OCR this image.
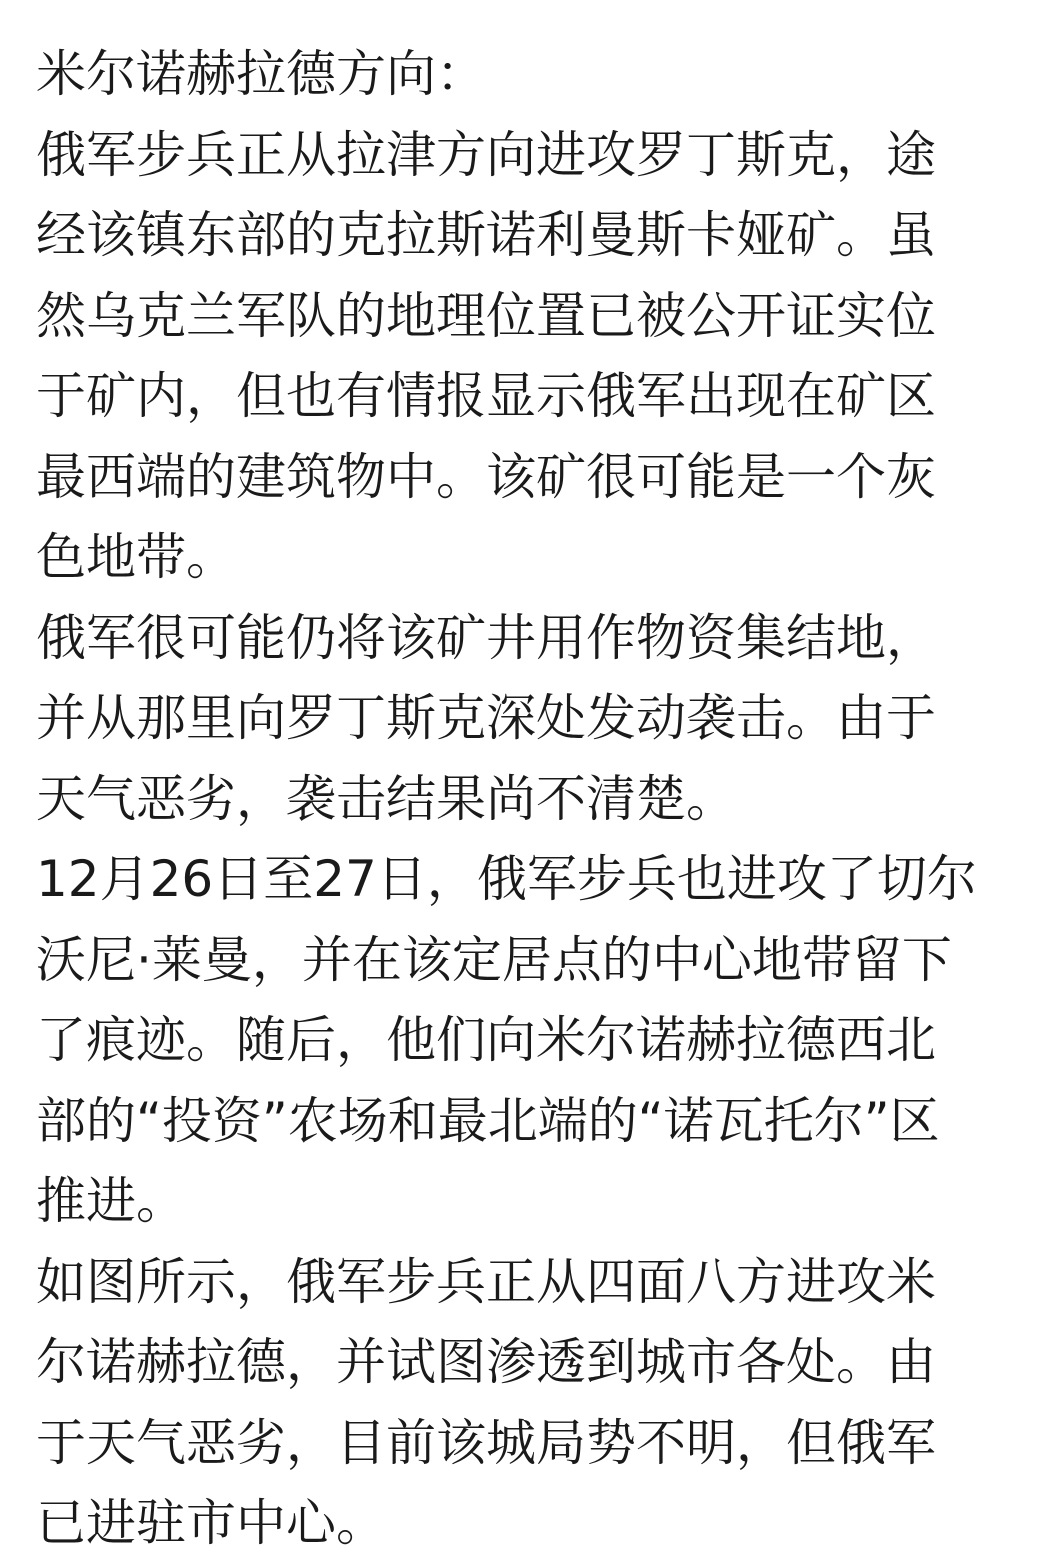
米尔诺赫拉德方向：
俄军步兵正从拉津方向进攻罗丁斯克，途
经该镇东部的克拉斯诺利曼斯卡娅矿。虽
然乌克兰军队的地理位置已被公开证实位
于矿内，但也有情报显示俄军出现在矿区
最西端的建筑物中。该矿很可能是一个灰
色地带。
俄军很可能仍将该矿井用作物资集结地，
并从那里向罗丁斯克深处发动袭击。由于
天气恶劣，袭击结果尚不清楚。
12月26日至27日，俄军步兵也进攻了切尔
沃尼·莱曼，并在该定居点的中心地带留下
了痕迹。随后，他们向米尔诺赫拉德西北
部的“投资”农场和最北端的“诺瓦托尔”区
推进。
如图所示，俄军步兵正从四面八方进攻米
尔诺赫拉德，并试图渗透到城市各处。由
于天气恶劣，目前该城局势不明，但俄军
已进驻市中心。
